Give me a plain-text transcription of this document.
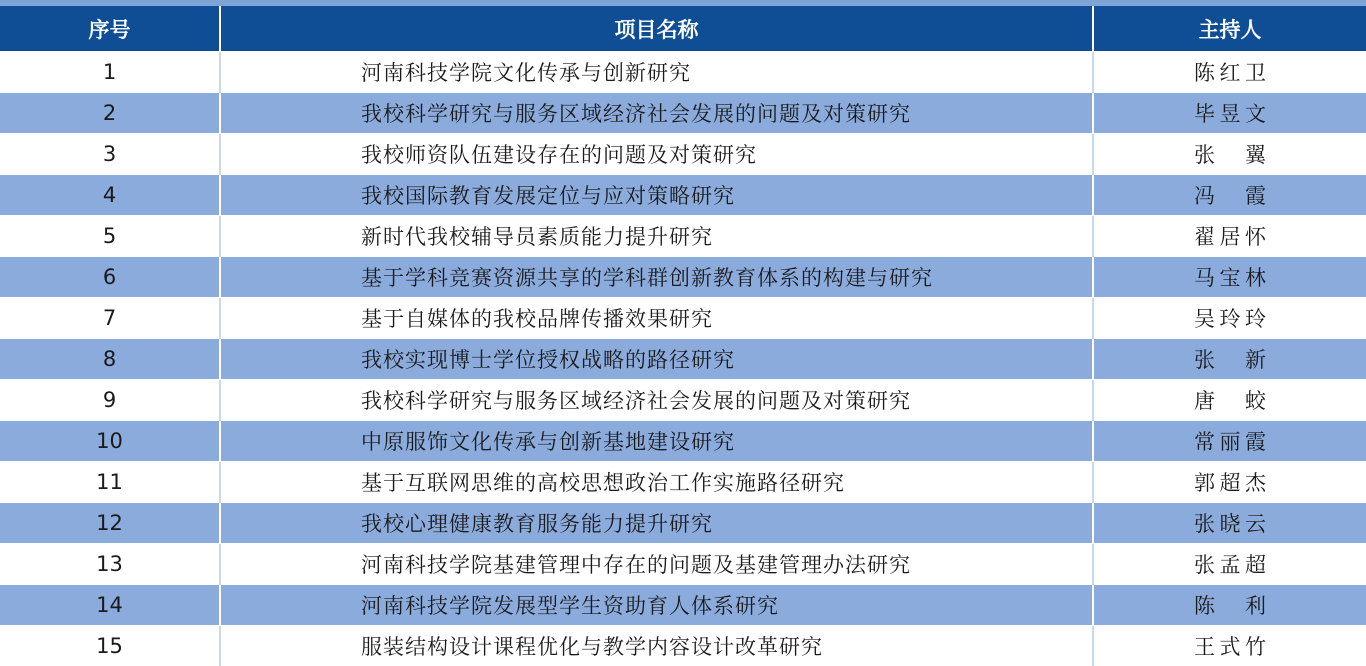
序号	项目名称	主持人
1	河南科技学院文化传承与创新研究	陈红卫
2	我校科学研究与服务区域经济社会发展的问题及对策研究	毕昱文
3	我校师资队伍建设存在的问题及对策研究	张　翼
4	我校国际教育发展定位与应对策略研究	冯　霞
5	新时代我校辅导员素质能力提升研究	翟居怀
6	基于学科竞赛资源共享的学科群创新教育体系的构建与研究	马宝林
7	基于自媒体的我校品牌传播效果研究	吴玲玲
8	我校实现博士学位授权战略的路径研究	张　新
9	我校科学研究与服务区域经济社会发展的问题及对策研究	唐　蛟
10	中原服饰文化传承与创新基地建设研究	常丽霞
11	基于互联网思维的高校思想政治工作实施路径研究	郭超杰
12	我校心理健康教育服务能力提升研究	张晓云
13	河南科技学院基建管理中存在的问题及基建管理办法研究	张孟超
14	河南科技学院发展型学生资助育人体系研究	陈　利
15	服装结构设计课程优化与教学内容设计改革研究	王式竹
